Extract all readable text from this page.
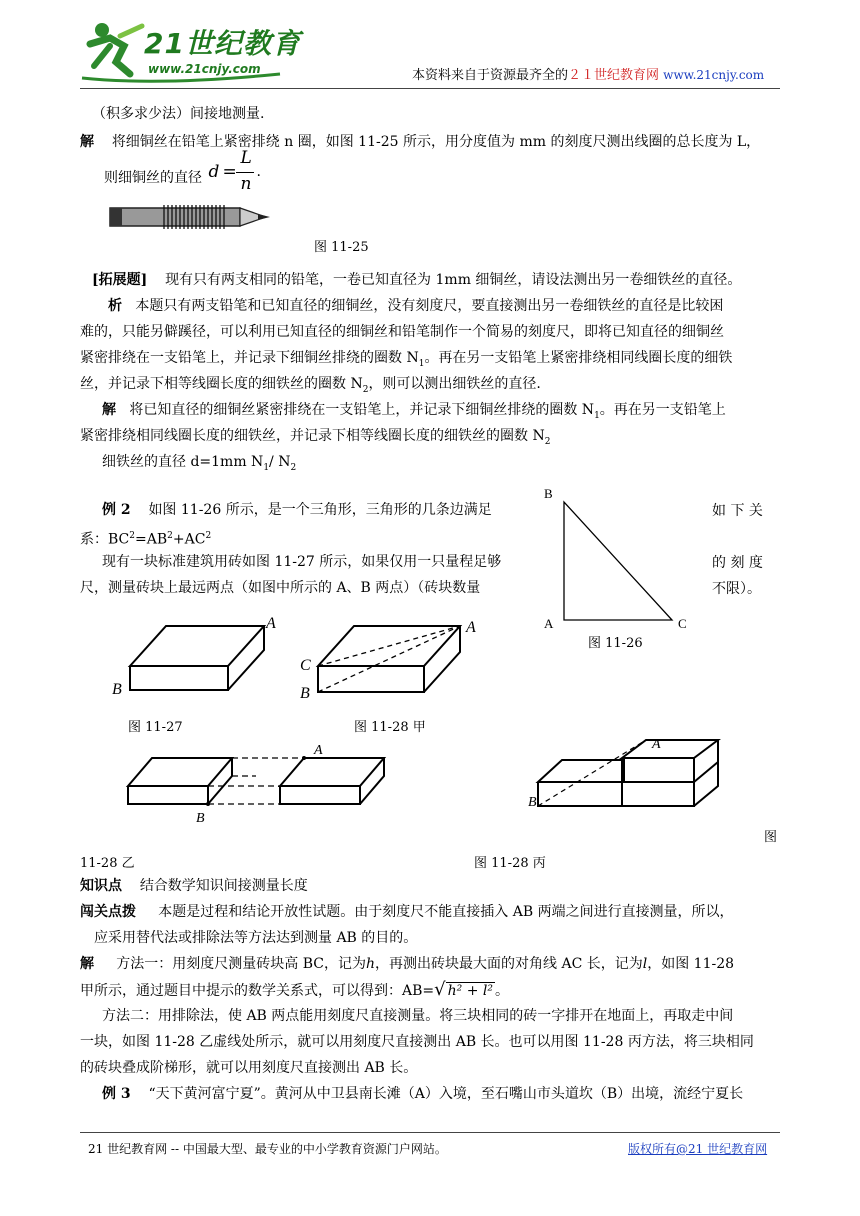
21世纪教育
www.21cnjy.com	本资料来自于资源最齐全的２１世纪教育网 www.21cnjy.com
（积多求少法）间接地测量.
解 将细铜丝在铅笔上紧密排绕 n 圈，如图 11-25 所示，用分度值为 mm 的刻度尺测出线圈的总长度为 L，
则细铜丝的直径 d =
L
n
.
图 11-25
[拓展题] 现有只有两支相同的铅笔，一卷已知直径为 1mm 细铜丝，请设法测出另一卷细铁丝的直径。
析 本题只有两支铅笔和已知直径的细铜丝，没有刻度尺，要直接测出另一卷细铁丝的直径是比较困
难的，只能另僻蹊径，可以利用已知直径的细铜丝和铅笔制作一个简易的刻度尺，即将已知直径的细铜丝
紧密排绕在一支铅笔上，并记录下细铜丝排绕的圈数 $N_1$。再在另一支铅笔上紧密排绕相同线圈长度的细铁
丝，并记录下相等线圈长度的细铁丝的圈数 $N_2$，则可以测出细铁丝的直径.
解 将已知直径的细铜丝紧密排绕在一支铅笔上，并记录下细铜丝排绕的圈数 $N_1$。再在另一支铅笔上
紧密排绕相同线圈长度的细铁丝，并记录下相等线圈长度的细铁丝的圈数 $N_2$
细铁丝的直径 d=1mm $N_1/$ $N_2$
例 2 如图 11-26 所示，是一个三角形，三角形的几条边满足	如 下 关
系：$BC^2=AB^2+AC^2$
现有一块标准建筑用砖如图 11-27 所示，如果仅用一只量程足够	的 刻 度
尺，测量砖块上最远两点（如图中所示的 A、B 两点）（砖块数量	不限）。
B
A	C
图 11-26
A
B
图 11-27
A
C
B
图 11-28 甲
A
B
A
B
图
11-28 乙	图 11-28 丙
知识点 结合数学知识间接测量长度
闯关点拨 本题是过程和结论开放性试题。由于刻度尺不能直接插入 AB 两端之间进行直接测量，所以，
应采用替代法或排除法等方法达到测量 AB 的目的。
解 方法一：用刻度尺测量砖块高 BC，记为h，再测出砖块最大面的对角线 AC 长，记为l，如图 11-28
甲所示，通过题目中提示的数学关系式，可以得到：AB=√ h² + l² 。
方法二：用排除法，使 AB 两点能用刻度尺直接测量。将三块相同的砖一字排开在地面上，再取走中间
一块，如图 11-28 乙虚线处所示，就可以用刻度尺直接测出 AB 长。也可以用图 11-28 丙方法，将三块相同
的砖块叠成阶梯形，就可以用刻度尺直接测出 AB 长。
例 3 “天下黄河富宁夏”。黄河从中卫县南长滩（A）入境，至石嘴山市头道坎（B）出境，流经宁夏长
21 世纪教育网 -- 中国最大型、最专业的中小学教育资源门户网站。	版权所有@21 世纪教育网
